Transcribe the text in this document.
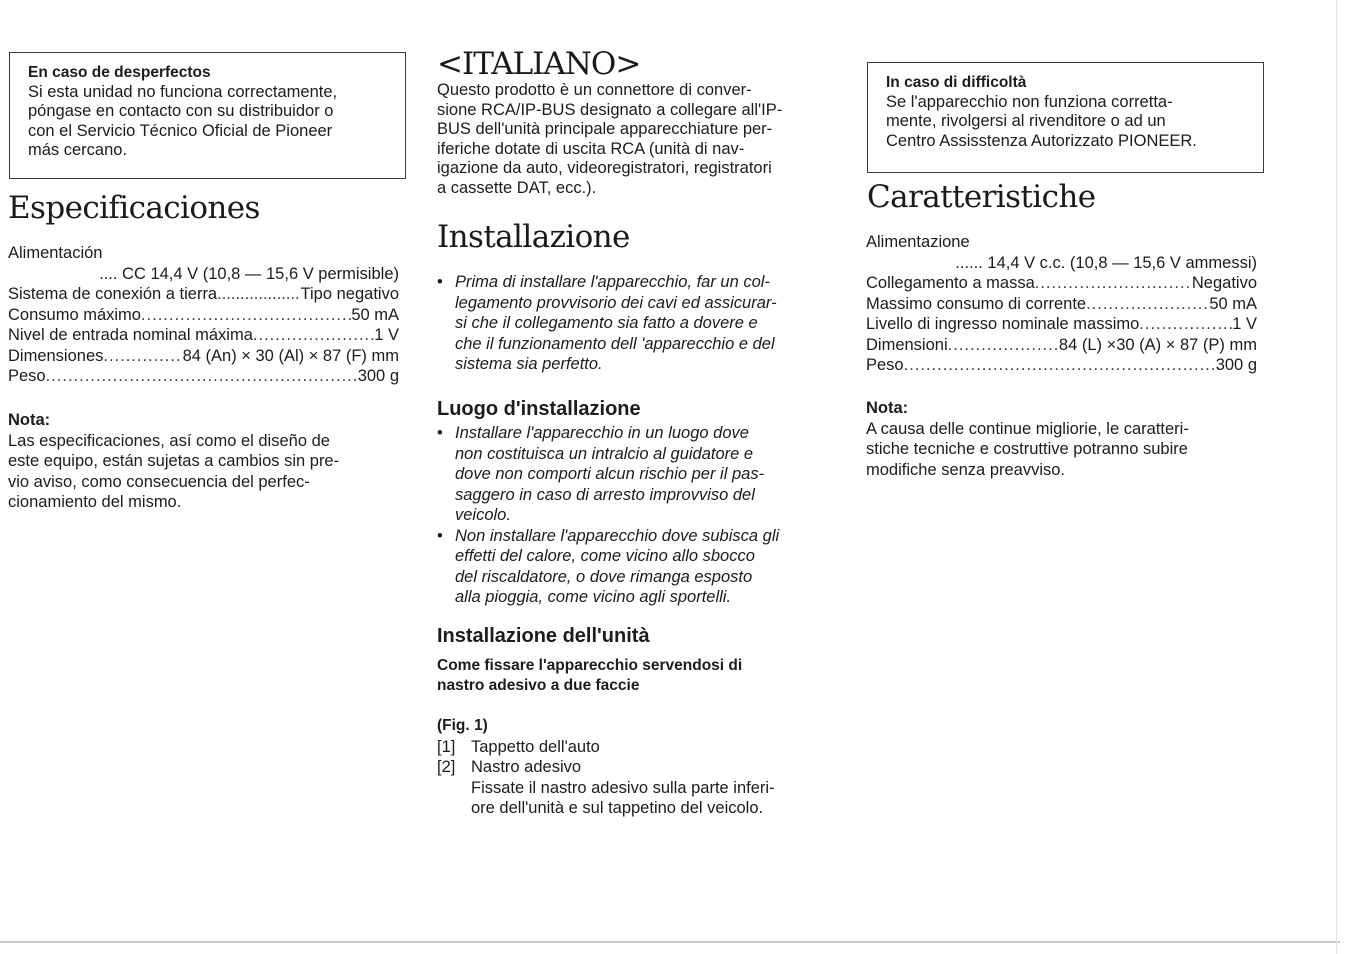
En caso de desperfectos
Si esta unidad no funciona correctamente,
póngase en contacto con su distribuidor o
con el Servicio Técnico Oficial de Pioneer
más cercano.
Especificaciones
Alimentación
.... CC 14,4 V (10,8 — 15,6 V permisible)
Sistema de conexión a tierra .....	Tipo negativo
Consumo máximo .....	50 mA
Nivel de entrada nominal máxima .....	1 V
Dimensiones .....	84 (An) × 30 (Al) × 87 (F) mm
Peso .....	300 g
Nota:
Las especificaciones, así como el diseño de
este equipo, están sujetas a cambios sin pre-
vio aviso, como consecuencia del perfec-
cionamiento del mismo.
<ITALIANO>
Questo prodotto è un connettore di conver-
sione RCA/IP-BUS designato a collegare all'IP-
BUS dell'unità principale apparecchiature per-
iferiche dotate di uscita RCA (unità di nav-
igazione da auto, videoregistratori, registratori
a cassette DAT, ecc.).
Installazione
• Prima di installare l'apparecchio, far un col-
legamento provvisorio dei cavi ed assicurar-
si che il collegamento sia fatto a dovere e
che il funzionamento dell 'apparecchio e del
sistema sia perfetto.
Luogo d'installazione
• Installare l'apparecchio in un luogo dove
non costituisca un intralcio al guidatore e
dove non comporti alcun rischio per il pas-
saggero in caso di arresto improvviso del
veicolo.
• Non installare l'apparecchio dove subisca gli
effetti del calore, come vicino allo sbocco
del riscaldatore, o dove rimanga esposto
alla pioggia, come vicino agli sportelli.
Installazione dell'unità
Come fissare l'apparecchio servendosi di
nastro adesivo a due faccie
(Fig. 1)
[1] Tappetto dell'auto
[2] Nastro adesivo
Fissate il nastro adesivo sulla parte inferi-
ore dell'unità e sul tappetino del veicolo.
In caso di difficoltà
Se l'apparecchio non funziona corretta-
mente, rivolgersi al rivenditore o ad un
Centro Assisstenza Autorizzato PIONEER.
Caratteristiche
Alimentazione
...... 14,4 V c.c. (10,8 — 15,6 V ammessi)
Collegamento a massa .....	Negativo
Massimo consumo di corrente .....	50 mA
Livello di ingresso nominale massimo .....	1 V
Dimensioni .....	84 (L) ×30 (A) × 87 (P) mm
Peso .....	300 g
Nota:
A causa delle continue migliorie, le caratteri-
stiche tecniche e costruttive potranno subire
modifiche senza preavviso.
